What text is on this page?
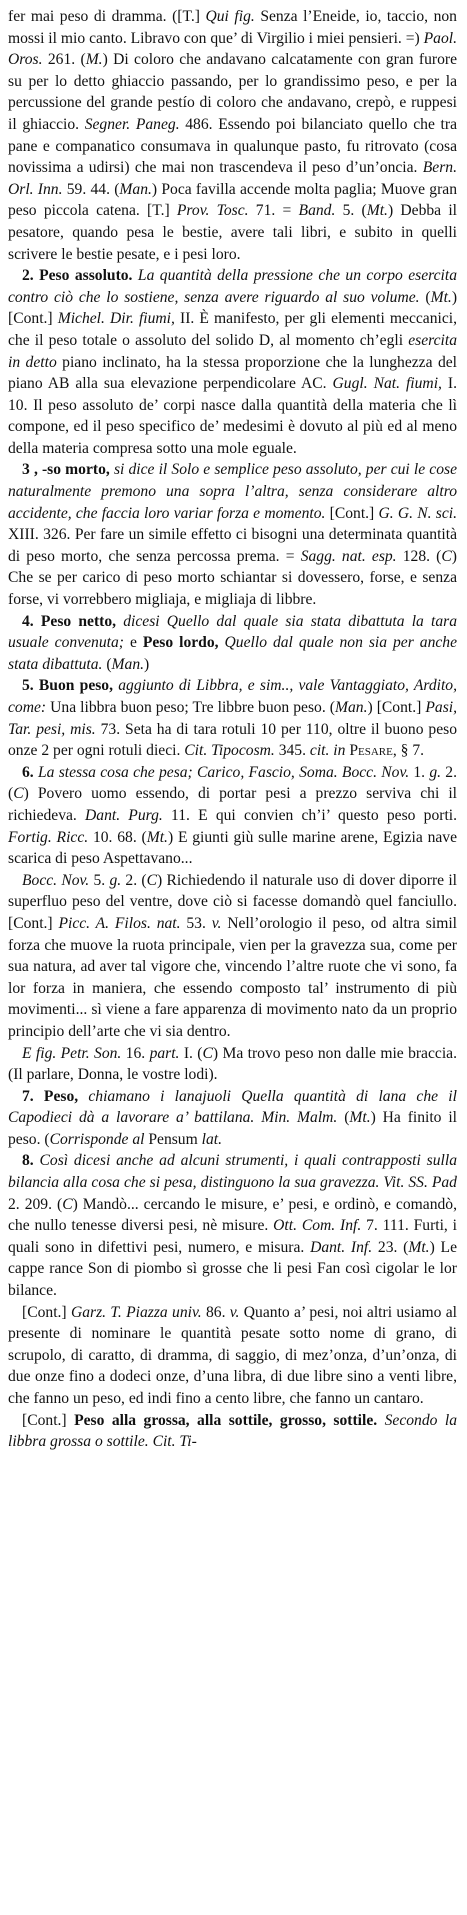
fer mai peso di dramma. ([T.] Qui fig. Senza l’Eneide, io, taccio, non mossi il mio canto. Libravo con que’ di Virgilio i miei pensieri. =) Paol. Oros. 261. (M.) Di coloro che andavano calcatamente con gran furore su per lo detto ghiaccio passando, per lo grandissimo peso, e per la percussione del grande pestío di coloro che andavano, crepò, e ruppesi il ghiaccio. Segner. Paneg. 486. Essendo poi bilanciato quello che tra pane e companatico consumava in qualunque pasto, fu ritrovato (cosa novissima a udirsi) che mai non trascendeva il peso d’un’oncia. Bern. Orl. Inn. 59. 44. (Man.) Poca favilla accende molta paglia; Muove gran peso piccola catena. [T.] Prov. Tosc. 71. = Band. 5. (Mt.) Debba il pesatore, quando pesa le bestie, avere tali libri, e subito in quelli scrivere le bestie pesate, e i pesi loro.

2. Peso assoluto. La quantità della pressione che un corpo esercita contro ciò che lo sostiene, senza avere riguardo al suo volume. (Mt.) [Cont.] Michel. Dir. fiumi, II. È manifesto, per gli elementi meccanici, che il peso totale o assoluto del solido D, al momento ch’egli esercita in detto piano inclinato, ha la stessa proporzione che la lunghezza del piano AB alla sua elevazione perpendicolare AC. Gugl. Nat. fiumi, I. 10. Il peso assoluto de’ corpi nasce dalla quantità della materia che lì compone, ed il peso specifico de’ medesimi è dovuto al più ed al meno della materia compresa sotto una mole eguale.

3 , -so morto, si dice il Solo e semplice peso assoluto, per cui le cose naturalmente premono una sopra l’altra, senza considerare altro accidente, che faccia loro variar forza e momento. [Cont.] G. G. N. sci. XIII. 326. Per fare un simile effetto ci bisogni una determinata quantità di peso morto, che senza percossa prema. = Sagg. nat. esp. 128. (C) Che se per carico di peso morto schiantar si dovessero, forse, e senza forse, vi vorrebbero migliaja, e migliaja di libbre.

4. Peso netto, dicesi Quello dal quale sia stata dibattuta la tara usuale convenuta; e Peso lordo, Quello dal quale non sia per anche stata dibattuta. (Man.)

5. Buon peso, aggiunto di Libbra, e sim.., vale Vantaggiato, Ardito, come: Una libbra buon peso; Tre libbre buon peso. (Man.) [Cont.] Pasi, Tar. pesi, mis. 73. Seta ha di tara rotuli 10 per 110, oltre il buono peso onze 2 per ogni rotuli dieci. Cit. Tipocosm. 345. cit. in Pesare, § 7.

6. La stessa cosa che pesa; Carico, Fascio, Soma. Bocc. Nov. 1. g. 2. (C) Povero uomo essendo, di portar pesi a prezzo serviva chi il richiedeva. Dant. Purg. 11. E qui convien ch’i’ questo peso porti. Fortig. Ricc. 10. 68. (Mt.) E giunti giù sulle marine arene, Egizia nave scarica di peso Aspettavano...

Bocc. Nov. 5. g. 2. (C) Richiedendo il naturale uso di dover diporre il superfluo peso del ventre, dove ciò si facesse domandò quel fanciullo. [Cont.] Picc. A. Filos. nat. 53. v. Nell’orologio il peso, od altra simil forza che muove la ruota principale, vien per la gravezza sua, come per sua natura, ad aver tal vigore che, vincendo l’altre ruote che vi sono, fa lor forza in maniera, che essendo composto tal’ instrumento di più movimenti... sì viene a fare apparenza di movimento nato da un proprio principio dell’arte che vi sia dentro.

E fig. Petr. Son. 16. part. I. (C) Ma trovo peso non dalle mie braccia. (Il parlare, Donna, le vostre lodi).

7. Peso, chiamano i lanajuoli Quella quantità di lana che il Capodieci dà a lavorare a’ battilana. Min. Malm. (Mt.) Ha finito il peso. (Corrisponde al Pensum lat.

8. Così dicesi anche ad alcuni strumenti, i quali contrapposti sulla bilancia alla cosa che si pesa, distinguono la sua gravezza. Vit. SS. Pad 2. 209. (C) Mandò... cercando le misure, e’ pesi, e ordinò, e comandò, che nullo tenesse diversi pesi, nè misure. Ott. Com. Inf. 7. 111. Furti, i quali sono in difettivi pesi, numero, e misura. Dant. Inf. 23. (Mt.) Le cappe rance Son di piombo sì grosse che li pesi Fan così cigolar le lor bilance.

[Cont.] Garz. T. Piazza univ. 86. v. Quanto a’ pesi, noi altri usiamo al presente di nominare le quantità pesate sotto nome di grano, di scrupolo, di caratto, di dramma, di saggio, di mez’onza, d’un’onza, di due onze fino a dodeci onze, d’una libra, di due libre sino a venti libre, che fanno un peso, ed indi fino a cento libre, che fanno un cantaro.

[Cont.] Peso alla grossa, alla sottile, grosso, sottile. Secondo la libbra grossa o sottile. Cit. Ti-
